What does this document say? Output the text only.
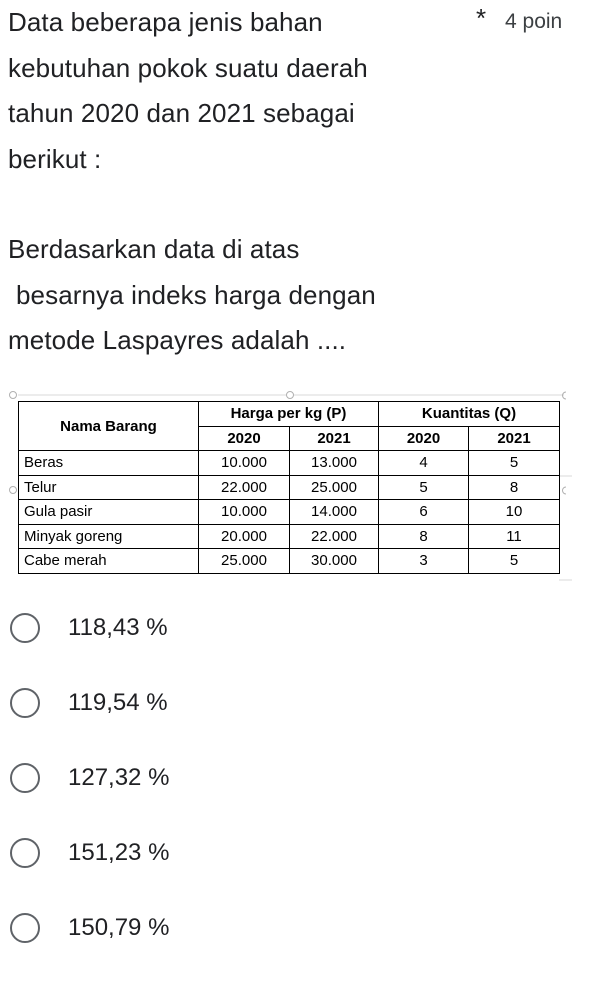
Data beberapa jenis bahan

kebutuhan pokok suatu daerah

tahun 2020 dan 2021 sebagai

berikut :

Berdasarkan data di atas

besarnya indeks harga dengan

metode Laspayres adalah ....

* 4 poin
Nama Barang	Harga per kg (P)		Kuantitas (Q)	
	2020	2021	2020	2021
Beras	10.000	13.000	4	5
Telur	22.000	25.000	5	8
Gula pasir	10.000	14.000	6	10
Minyak goreng	20.000	22.000	8	11
Cabe merah	25.000	30.000	3	5
118,43 %
119,54 %
127,32 %
151,23 %
150,79 %
